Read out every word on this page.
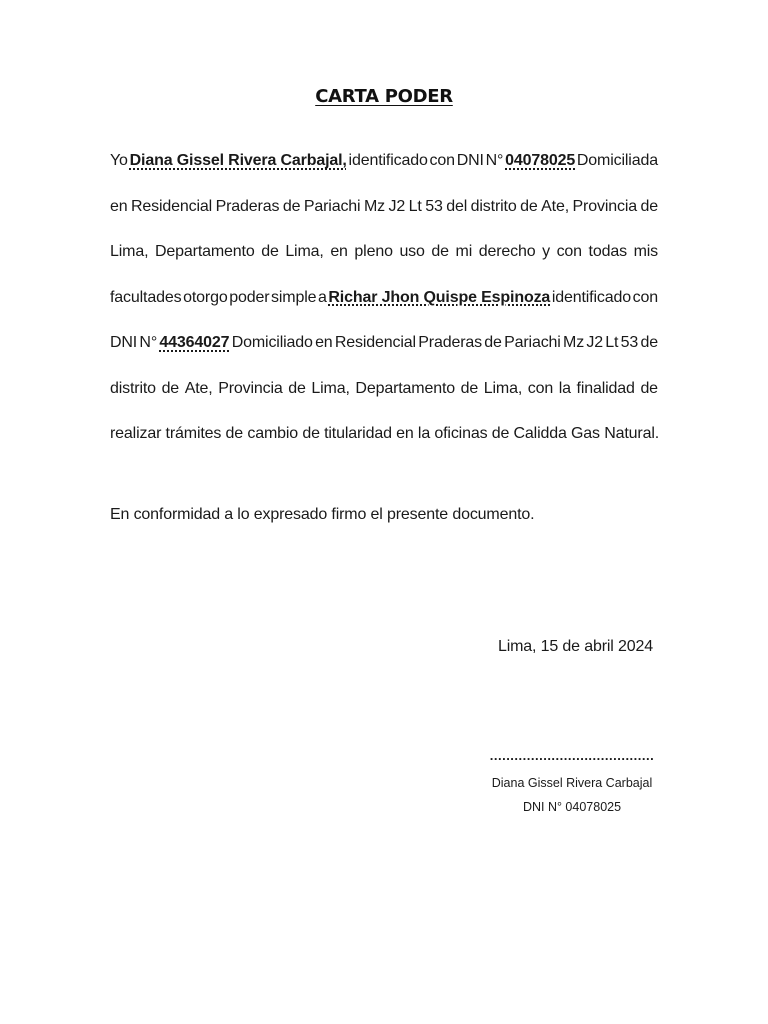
CARTA PODER
Yo Diana Gissel Rivera Carbajal, identificado con DNI N° 04078025 Domiciliada
en Residencial Praderas de Pariachi Mz J2 Lt 53 del distrito de Ate, Provincia de
Lima, Departamento de Lima, en pleno uso de mi derecho y con todas mis
facultades otorgo poder simple a Richar Jhon Quispe Espinoza identificado con
DNI N° 44364027 Domiciliado en Residencial Praderas de Pariachi Mz J2 Lt 53 de
distrito de Ate, Provincia de Lima, Departamento de Lima, con la finalidad de
realizar trámites de cambio de titularidad en la oficinas de Calidda Gas Natural.
En conformidad a lo expresado firmo el presente documento.
Lima, 15 de abril 2024
........................................
Diana Gissel Rivera Carbajal
DNI N° 04078025
